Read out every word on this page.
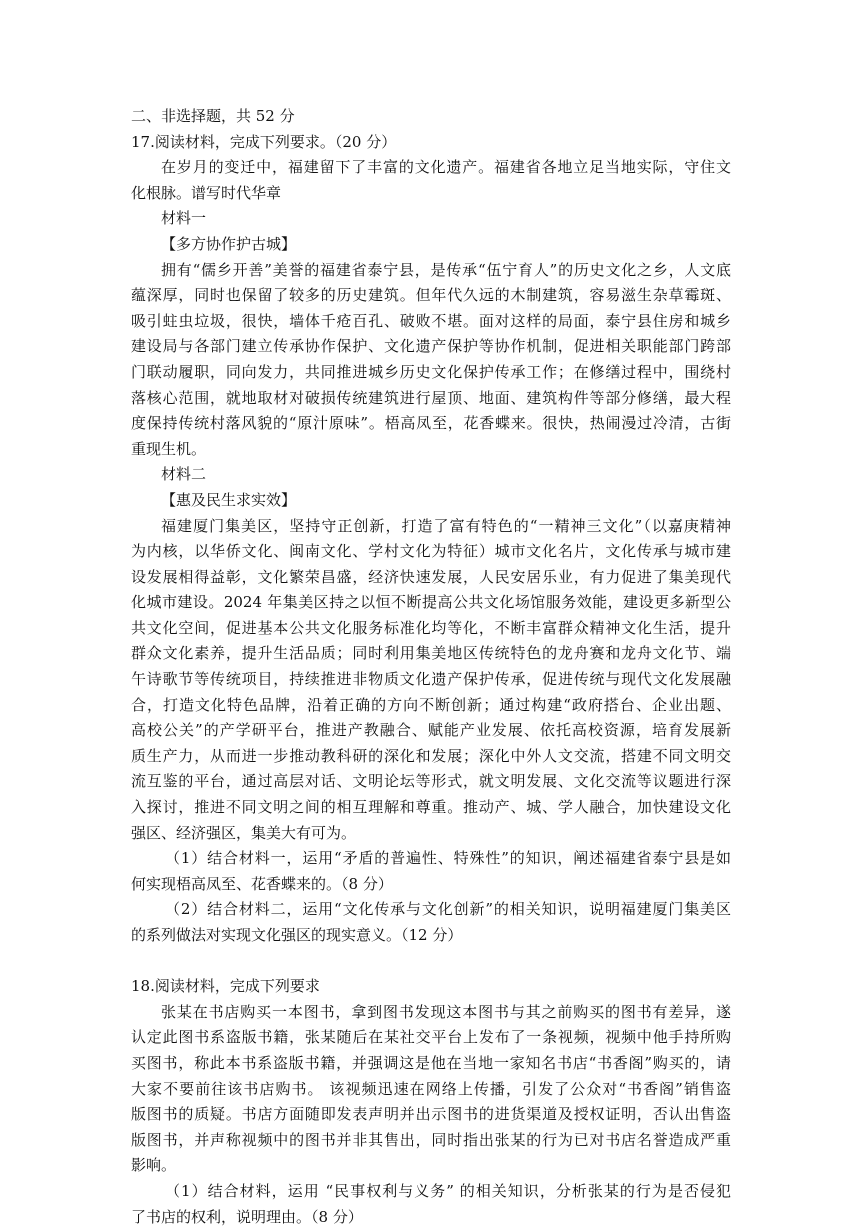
二、非选择题，共 52 分
17.阅读材料，完成下列要求。（20 分）
在岁月的变迁中，福建留下了丰富的文化遗产。福建省各地立足当地实际，守住文
化根脉。谱写时代华章
材料一
【多方协作护古城】
拥有“儒乡开善”美誉的福建省泰宁县，是传承“伍宁育人”的历史文化之乡，人文底
蕴深厚，同时也保留了较多的历史建筑。但年代久远的木制建筑，容易滋生杂草霉斑、
吸引蛀虫垃圾，很快，墙体千疮百孔、破败不堪。面对这样的局面，泰宁县住房和城乡
建设局与各部门建立传承协作保护、文化遗产保护等协作机制，促进相关职能部门跨部
门联动履职，同向发力，共同推进城乡历史文化保护传承工作；在修缮过程中，围绕村
落核心范围，就地取材对破损传统建筑进行屋顶、地面、建筑构件等部分修缮，最大程
度保持传统村落风貌的“原汁原味”。梧高凤至，花香蝶来。很快，热闹漫过冷清，古街
重现生机。
材料二
【惠及民生求实效】
福建厦门集美区，坚持守正创新，打造了富有特色的“一精神三文化”（以嘉庚精神
为内核，以华侨文化、闽南文化、学村文化为特征）城市文化名片，文化传承与城市建
设发展相得益彰，文化繁荣昌盛，经济快速发展，人民安居乐业，有力促进了集美现代
化城市建设。2024 年集美区持之以恒不断提高公共文化场馆服务效能，建设更多新型公
共文化空间，促进基本公共文化服务标准化均等化，不断丰富群众精神文化生活，提升
群众文化素养，提升生活品质；同时利用集美地区传统特色的龙舟赛和龙舟文化节、端
午诗歌节等传统项目，持续推进非物质文化遗产保护传承，促进传统与现代文化发展融
合，打造文化特色品牌，沿着正确的方向不断创新；通过构建“政府搭台、企业出题、
高校公关”的产学研平台，推进产教融合、赋能产业发展、依托高校资源，培育发展新
质生产力，从而进一步推动教科研的深化和发展；深化中外人文交流，搭建不同文明交
流互鉴的平台，通过高层对话、文明论坛等形式，就文明发展、文化交流等议题进行深
入探讨，推进不同文明之间的相互理解和尊重。推动产、城、学人融合，加快建设文化
强区、经济强区，集美大有可为。
（1）结合材料一，运用“矛盾的普遍性、特殊性”的知识，阐述福建省泰宁县是如
何实现梧高凤至、花香蝶来的。（8 分）
（2）结合材料二，运用“文化传承与文化创新”的相关知识，说明福建厦门集美区
的系列做法对实现文化强区的现实意义。（12 分）
18.阅读材料，完成下列要求
张某在书店购买一本图书，拿到图书发现这本图书与其之前购买的图书有差异，遂
认定此图书系盗版书籍，张某随后在某社交平台上发布了一条视频，视频中他手持所购
买图书，称此本书系盗版书籍，并强调这是他在当地一家知名书店“书香阁”购买的，请
大家不要前往该书店购书。 该视频迅速在网络上传播，引发了公众对“书香阁”销售盗
版图书的质疑。书店方面随即发表声明并出示图书的进货渠道及授权证明，否认出售盗
版图书，并声称视频中的图书并非其售出，同时指出张某的行为已对书店名誉造成严重
影响。
（1）结合材料，运用 “民事权利与义务” 的相关知识，分析张某的行为是否侵犯
了书店的权利，说明理由。（8 分）
